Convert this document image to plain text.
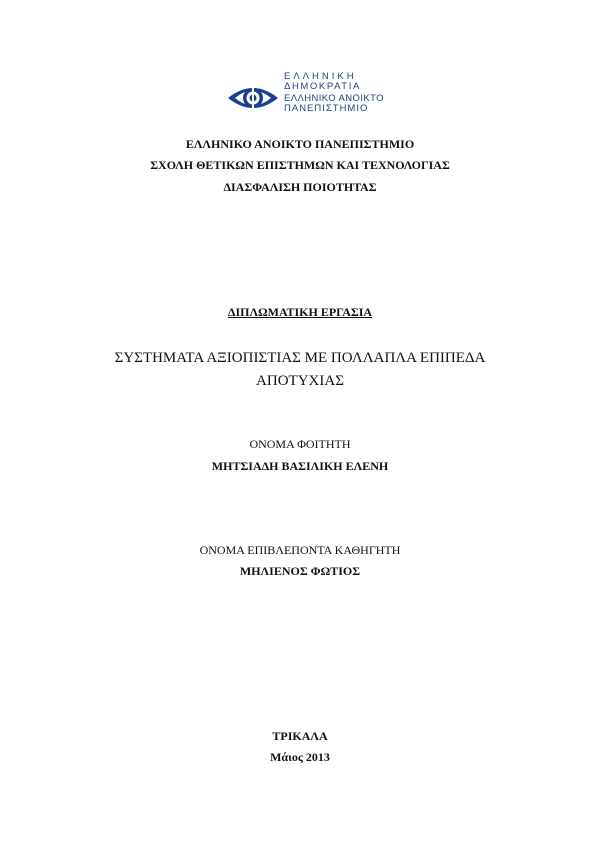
ΕΛΛΗΝΙΚΗ
ΔΗΜΟΚΡΑΤΙΑ
ΕΛΛΗΝΙΚΟ ΑΝΟΙΚΤΟ
ΠΑΝΕΠΙΣΤΗΜΙΟ
ΕΛΛΗΝΙΚΟ ΑΝΟΙΚΤΟ ΠΑΝΕΠΙΣΤΗΜΙΟ
ΣΧΟΛΗ ΘΕΤΙΚΩΝ ΕΠΙΣΤΗΜΩΝ ΚΑΙ ΤΕΧΝΟΛΟΓΙΑΣ
ΔΙΑΣΦΑΛΙΣΗ ΠΟΙΟΤΗΤΑΣ
ΔΙΠΛΩΜΑΤΙΚΗ ΕΡΓΑΣΙΑ
ΣΥΣΤΗΜΑΤΑ ΑΞΙΟΠΙΣΤΙΑΣ ΜΕ ΠΟΛΛΑΠΛΑ ΕΠΙΠΕΔΑ
ΑΠΟΤΥΧΙΑΣ
ΟΝΟΜΑ ΦΟΙΤΗΤΗ
ΜΗΤΣΙΑΔΗ ΒΑΣΙΛΙΚΗ ΕΛΕΝΗ
ΟΝΟΜΑ ΕΠΙΒΛΕΠΟΝΤΑ ΚΑΘΗΓΗΤΗ
ΜΗΛΙΕΝΟΣ ΦΩΤΙΟΣ
ΤΡΙΚΑΛΑ
Μάιος 2013
